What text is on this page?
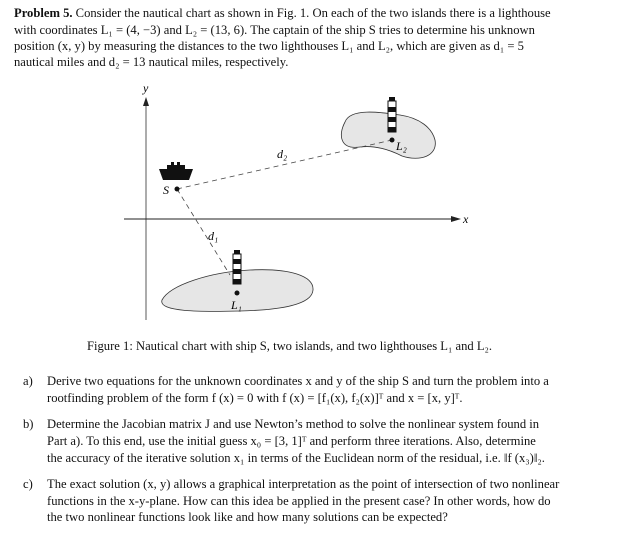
Problem 5. Consider the nautical chart as shown in Fig. 1. On each of the two islands there is a lighthouse
with coordinates L₁ = (4, −3) and L₂ = (13, 6). The captain of the ship S tries to determine his unknown
position (x, y) by measuring the distances to the two lighthouses L₁ and L₂, which are given as d₁ = 5
nautical miles and d₂ = 13 nautical miles, respectively.
y
x
S
L₂
L₁
d₁
d₂
Figure 1: Nautical chart with ship S, two islands, and two lighthouses L₁ and L₂.
a) Derive two equations for the unknown coordinates x and y of the ship S and turn the problem into a
rootfinding problem of the form f (x) = 0 with f (x) = [f₁(x), f₂(x)]ᵀ and x = [x, y]ᵀ.
b) Determine the Jacobian matrix J and use Newton’s method to solve the nonlinear system found in
Part a). To this end, use the initial guess x₀ = [3, 1]ᵀ and perform three iterations. Also, determine
the accuracy of the iterative solution x₁ in terms of the Euclidean norm of the residual, i.e. ‖f (x₃)‖₂.
c) The exact solution (x, y) allows a graphical interpretation as the point of intersection of two nonlinear
functions in the x-y-plane. How can this idea be applied in the present case? In other words, how do
the two nonlinear functions look like and how many solutions can be expected?
